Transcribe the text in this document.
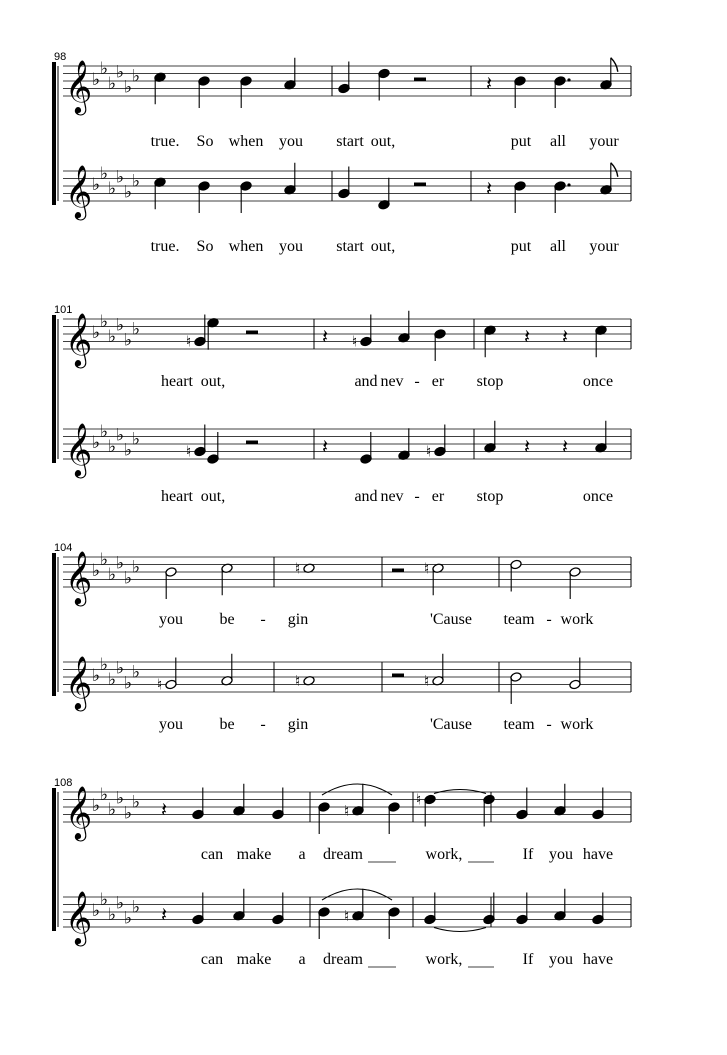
98
𝄞 ♭
♭
♭
♭
♭
♭	𝄽
true. So when you start out,	put all your
𝄞 ♭
♭
♭
♭
♭
♭	𝄽
true. So when you start out,	put all your
101
𝄞 ♭
♭
♭
♭
♭
♭
♮	𝄽 ♮	𝄽 𝄽
heart out,	and nev - er stop	once
𝄞 ♭
♭
♭
♭
♭
♭
♮	𝄽	♮	𝄽 𝄽
heart out,	and nev - er stop	once
104
𝄞 ♭
♭
♭
♭
♭
♭	♮	♮
you be - gin	'Cause team - work
𝄞 ♭
♭
♭
♭
♭
♭
♮	♮	♮
you be - gin	'Cause team - work
108
𝄞 ♭
♭
♭
♭
♭
♭ 𝄽	♮
♮
can make a dream	work,	If you have
𝄞 ♭
♭
♭
♭
♭
♭ 𝄽	♮
can make a dream	work,	If you have
